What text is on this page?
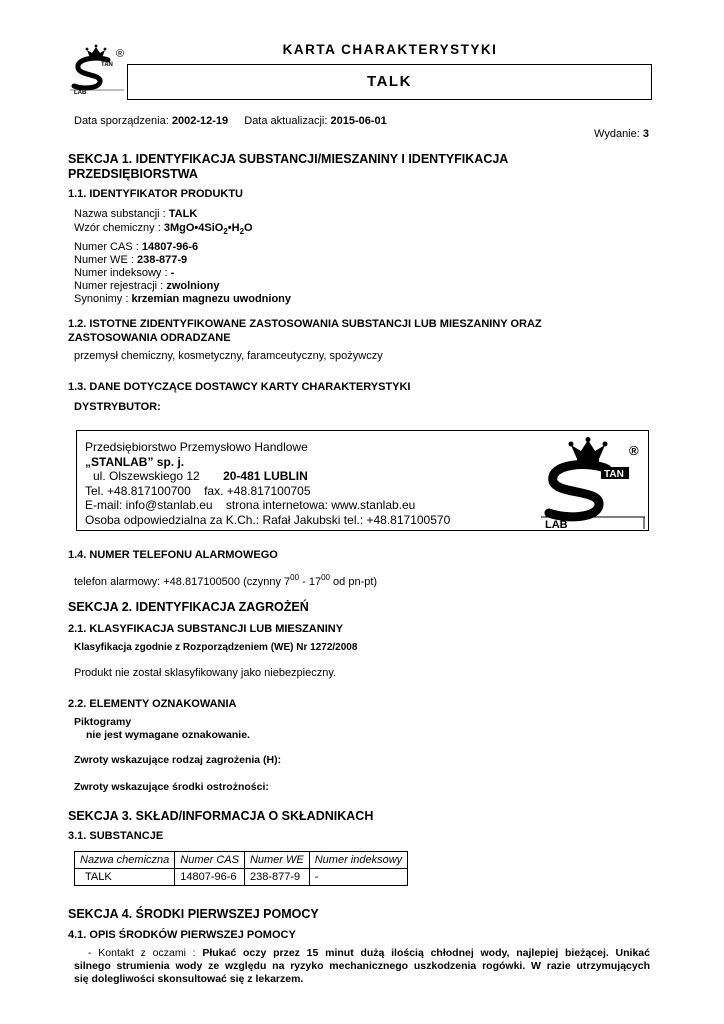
TAN
LAB
®	KARTA CHARAKTERYSTYKI
TALK
Data sporządzenia: 2002-12-19 Data aktualizacji: 2015-06-01
Wydanie: 3
SEKCJA 1. IDENTYFIKACJA SUBSTANCJI/MIESZANINY I IDENTYFIKACJA
PRZEDSIĘBIORSTWA
1.1. IDENTYFIKATOR PRODUKTU
Nazwa substancji : TALK
Wzór chemiczny : $3MgO•4SiO_2•H_2O$
Numer CAS : 14807-96-6
Numer WE : 238-877-9
Numer indeksowy : -
Numer rejestracji : zwolniony
Synonimy : krzemian magnezu uwodniony
1.2. ISTOTNE ZIDENTYFIKOWANE ZASTOSOWANIA SUBSTANCJI LUB MIESZANINY ORAZ
ZASTOSOWANIA ODRADZANE
przemysł chemiczny, kosmetyczny, faramceutyczny, spożywczy
1.3. DANE DOTYCZĄCE DOSTAWCY KARTY CHARAKTERYSTYKI
DYSTRYBUTOR:
Przedsiębiorstwo Przemysłowo Handlowe
„STANLAB” sp. j.
ul. Olszewskiego 12 20-481 LUBLIN
Tel. +48.817100700    fax. +48.817100705
E-mail: info@stanlab.eu    strona internetowa: www.stanlab.eu
Osoba odpowiedzialna za K.Ch.: Rafał Jakubski tel.: +48.817100570
TAN
LAB
®
1.4. NUMER TELEFONU ALARMOWEGO
telefon alarmowy: +48.817100500 (czynny $7^{00} - 17^{00}$ od pn-pt)
SEKCJA 2. IDENTYFIKACJA ZAGROŻEŃ
2.1. KLASYFIKACJA SUBSTANCJI LUB MIESZANINY
Klasyfikacja zgodnie z Rozporządzeniem (WE) Nr 1272/2008
Produkt nie został sklasyfikowany jako niebezpieczny.
2.2. ELEMENTY OZNAKOWANIA
Piktogramy
nie jest wymagane oznakowanie.
Zwroty wskazujące rodzaj zagrożenia (H):
Zwroty wskazujące środki ostrożności:
SEKCJA 3. SKŁAD/INFORMACJA O SKŁADNIKACH
3.1. SUBSTANCJE
Nazwa chemiczna	Numer CAS	Numer WE	Numer indeksowy
TALK	14807-96-6	238-877-9	-
SEKCJA 4. ŚRODKI PIERWSZEJ POMOCY
4.1. OPIS ŚRODKÓW PIERWSZEJ POMOCY
- Kontakt z oczami : Płukać oczy przez 15 minut dużą ilością chłodnej wody, najlepiej bieżącej. Unikać
silnego strumienia wody ze względu na ryzyko mechanicznego uszkodzenia rogówki. W razie utrzymujących
się dolegliwości skonsultować się z lekarzem.
